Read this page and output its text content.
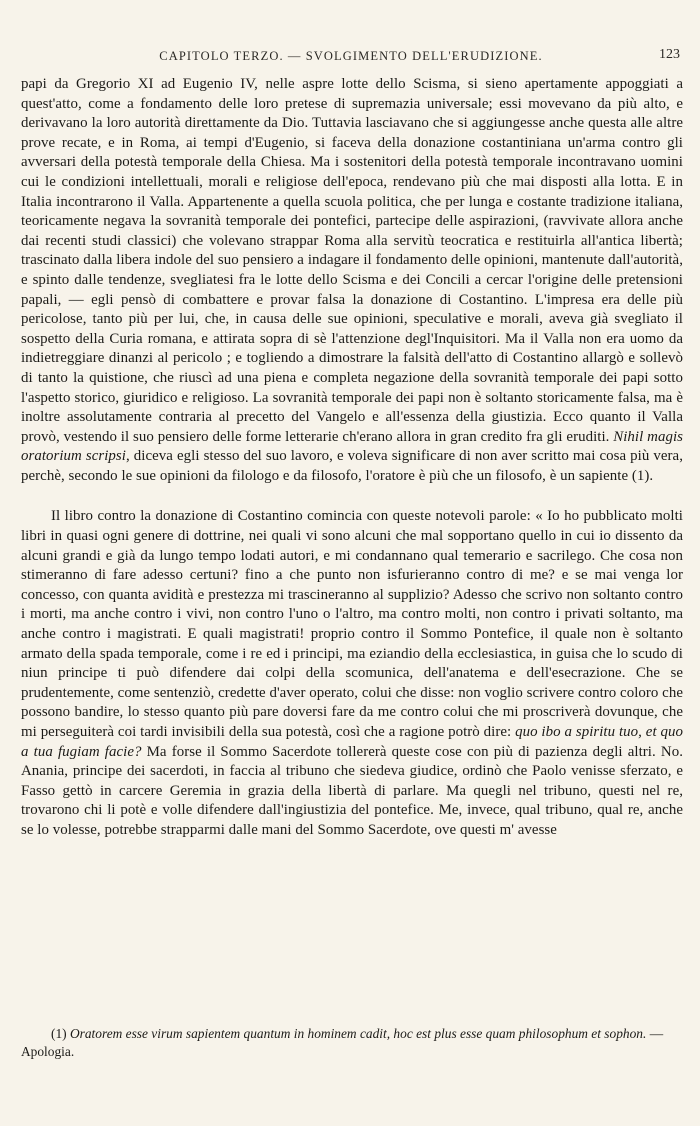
CAPITOLO TERZO. — SVOLGIMENTO DELL'ERUDIZIONE.	123

papi da Gregorio XI ad Eugenio IV, nelle aspre lotte dello Scisma, si sieno apertamente appoggiati a quest'atto, come a fondamento delle loro pretese di supremazia universale; essi movevano da più alto, e derivavano la loro autorità direttamente da Dio. Tuttavia lasciavano che si aggiungesse anche questa alle altre prove recate, e in Roma, ai tempi d'Eugenio, si faceva della donazione costantiniana un'arma contro gli avversari della potestà temporale della Chiesa. Ma i sostenitori della potestà temporale incontravano uomini cui le condizioni intellettuali, morali e religiose dell'epoca, rendevano più che mai disposti alla lotta. E in Italia incontrarono il Valla. Appartenente a quella scuola politica, che per lunga e costante tradizione italiana, teoricamente negava la sovranità temporale dei pontefici, partecipe delle aspirazioni, (ravvivate allora anche dai recenti studi classici) che volevano strappar Roma alla servitù teocratica e restituirla all'antica libertà; trascinato dalla libera indole del suo pensiero a indagare il fondamento delle opinioni, mantenute dall'autorità, e spinto dalle tendenze, svegliatesi fra le lotte dello Scisma e dei Concili a cercar l'origine delle pretensioni papali, — egli pensò di combattere e provar falsa la donazione di Costantino. L'impresa era delle più pericolose, tanto più per lui, che, in causa delle sue opinioni, speculative e morali, aveva già svegliato il sospetto della Curia romana, e attirata sopra di sè l'attenzione degl'Inquisitori. Ma il Valla non era uomo da indietreggiare dinanzi al pericolo ; e togliendo a dimostrare la falsità dell'atto di Costantino allargò e sollevò di tanto la quistione, che riuscì ad una piena e completa negazione della sovranità temporale dei papi sotto l'aspetto storico, giuridico e religioso. La sovranità temporale dei papi non è soltanto storicamente falsa, ma è inoltre assolutamente contraria al precetto del Vangelo e all'essenza della giustizia. Ecco quanto il Valla provò, vestendo il suo pensiero delle forme letterarie ch'erano allora in gran credito fra gli eruditi. Nihil magis oratorium scripsi, diceva egli stesso del suo lavoro, e voleva significare di non aver scritto mai cosa più vera, perchè, secondo le sue opinioni da filologo e da filosofo, l'oratore è più che un filosofo, è un sapiente (1).

Il libro contro la donazione di Costantino comincia con queste notevoli parole: « Io ho pubblicato molti libri in quasi ogni genere di dottrine, nei quali vi sono alcuni che mal sopportano quello in cui io dissento da alcuni grandi e già da lungo tempo lodati autori, e mi condannano qual temerario e sacrilego. Che cosa non stimeranno di fare adesso certuni? fino a che punto non isfurieranno contro di me? e se mai venga lor concesso, con quanta avidità e prestezza mi trascineranno al supplizio? Adesso che scrivo non soltanto contro i morti, ma anche contro i vivi, non contro l'uno o l'altro, ma contro molti, non contro i privati soltanto, ma anche contro i magistrati. E quali magistrati! proprio contro il Sommo Pontefice, il quale non è soltanto armato della spada temporale, come i re ed i principi, ma eziandio della ecclesiastica, in guisa che lo scudo di niun principe ti può difendere dai colpi della scomunica, dell'anatema e dell'esecrazione. Che se prudentemente, come sentenziò, credette d'aver operato, colui che disse: non voglio scrivere contro coloro che possono bandire, lo stesso quanto più pare doversi fare da me contro colui che mi proscriverà dovunque, che mi perseguiterà coi tardi invisibili della sua potestà, così che a ragione potrò dire: quo ibo a spiritu tuo, et quo a tua fugiam facie? Ma forse il Sommo Sacerdote tollererà queste cose con più di pazienza degli altri. No. Anania, principe dei sacerdoti, in faccia al tribuno che siedeva giudice, ordinò che Paolo venisse sferzato, e Fasso gettò in carcere Geremia in grazia della libertà di parlare. Ma quegli nel tribuno, questi nel re, trovarono chi li potè e volle difendere dall'ingiustizia del pontefice. Me, invece, qual tribuno, qual re, anche se lo volesse, potrebbe strapparmi dalle mani del Sommo Sacerdote, ove questi m' avesse

(1) Oratorem esse virum sapientem quantum in hominem cadit, hoc est plus esse quam philosophum et sophon. — Apologia.
